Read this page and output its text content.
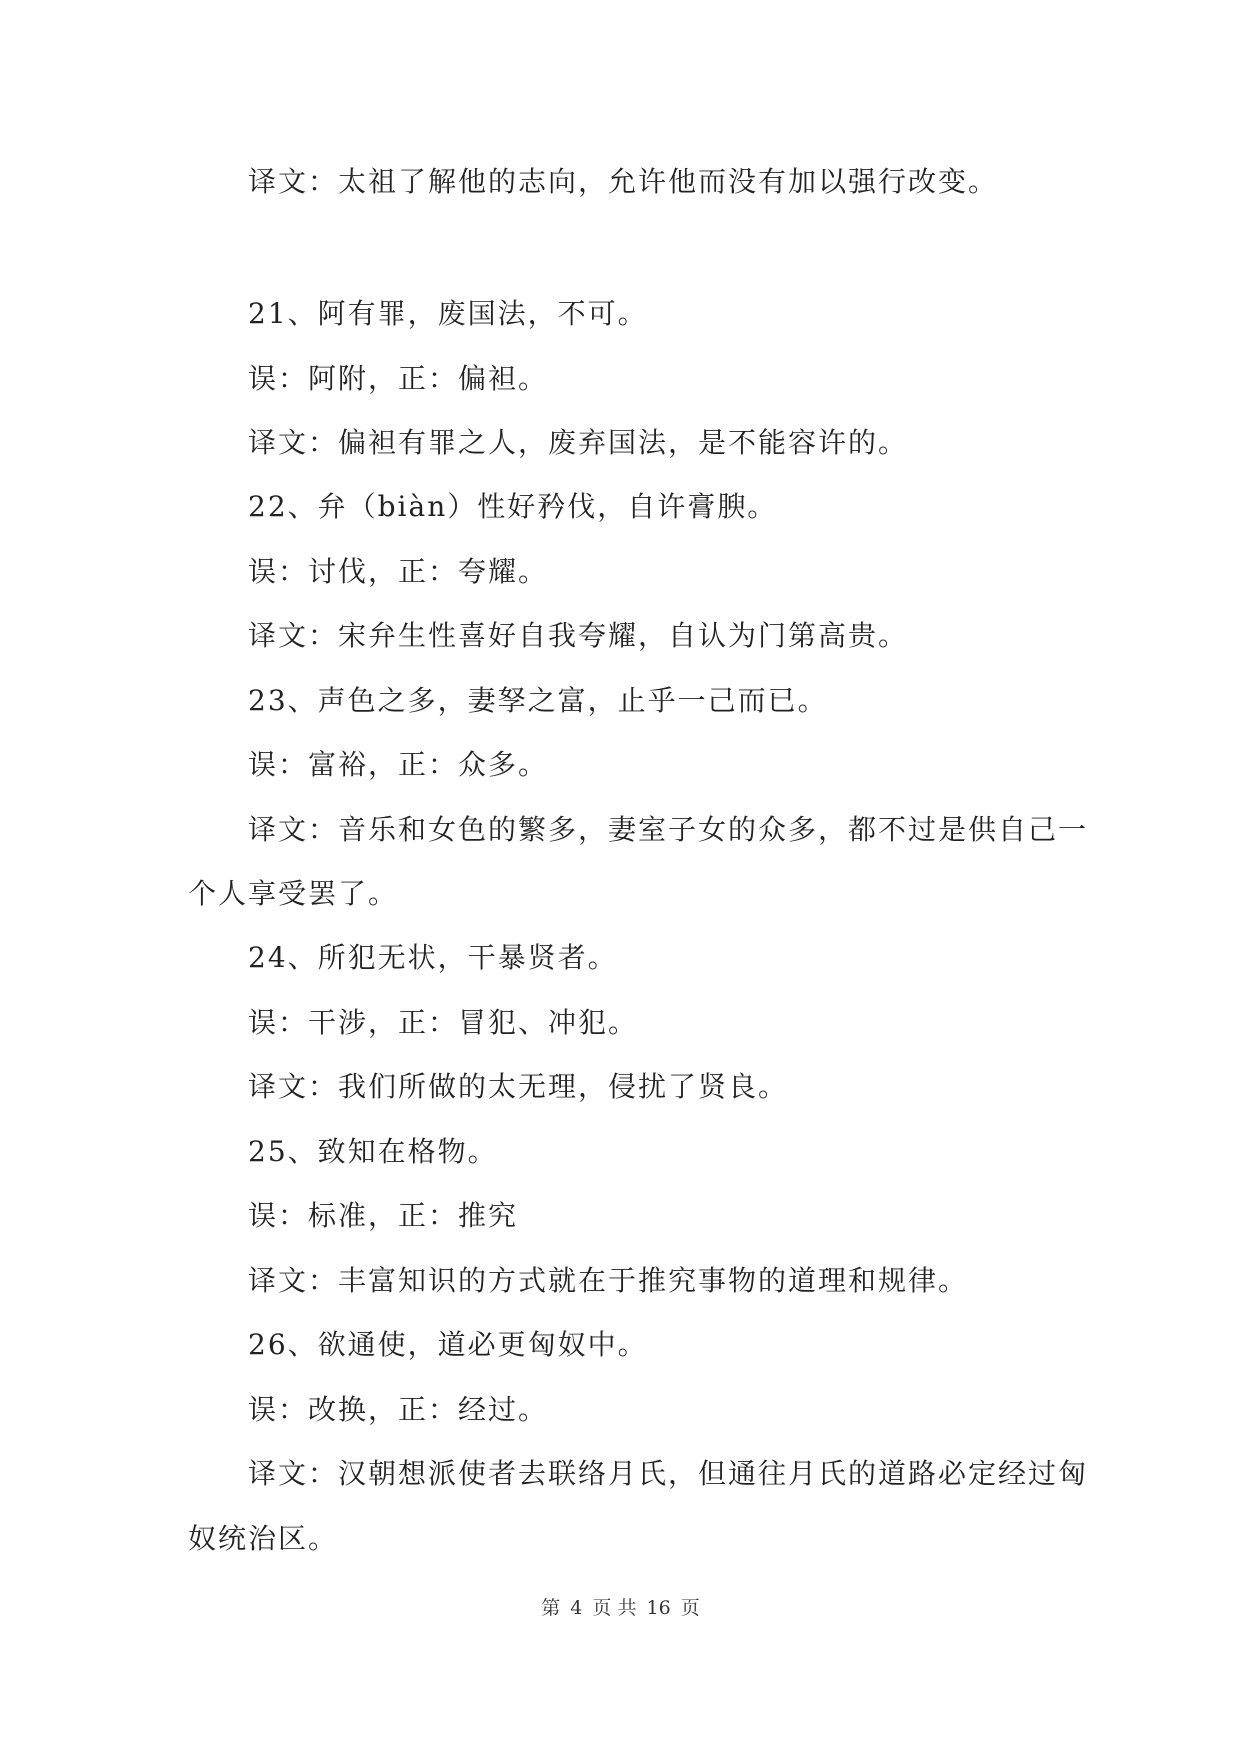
译文：太祖了解他的志向，允许他而没有加以强行改变。
21、阿有罪，废国法，不可。
误：阿附，正：偏袒。
译文：偏袒有罪之人，废弃国法，是不能容许的。
22、弁（biàn）性好矜伐，自许膏腴。
误：讨伐，正：夸耀。
译文：宋弁生性喜好自我夸耀，自认为门第高贵。
23、声色之多，妻孥之富，止乎一己而已。
误：富裕，正：众多。
译文：音乐和女色的繁多，妻室子女的众多，都不过是供自己一
个人享受罢了。
24、所犯无状，干暴贤者。
误：干涉，正：冒犯、冲犯。
译文：我们所做的太无理，侵扰了贤良。
25、致知在格物。
误：标准，正：推究
译文：丰富知识的方式就在于推究事物的道理和规律。
26、欲通使，道必更匈奴中。
误：改换，正：经过。
译文：汉朝想派使者去联络月氏，但通往月氏的道路必定经过匈
奴统治区。
第 4 页 共 16 页
